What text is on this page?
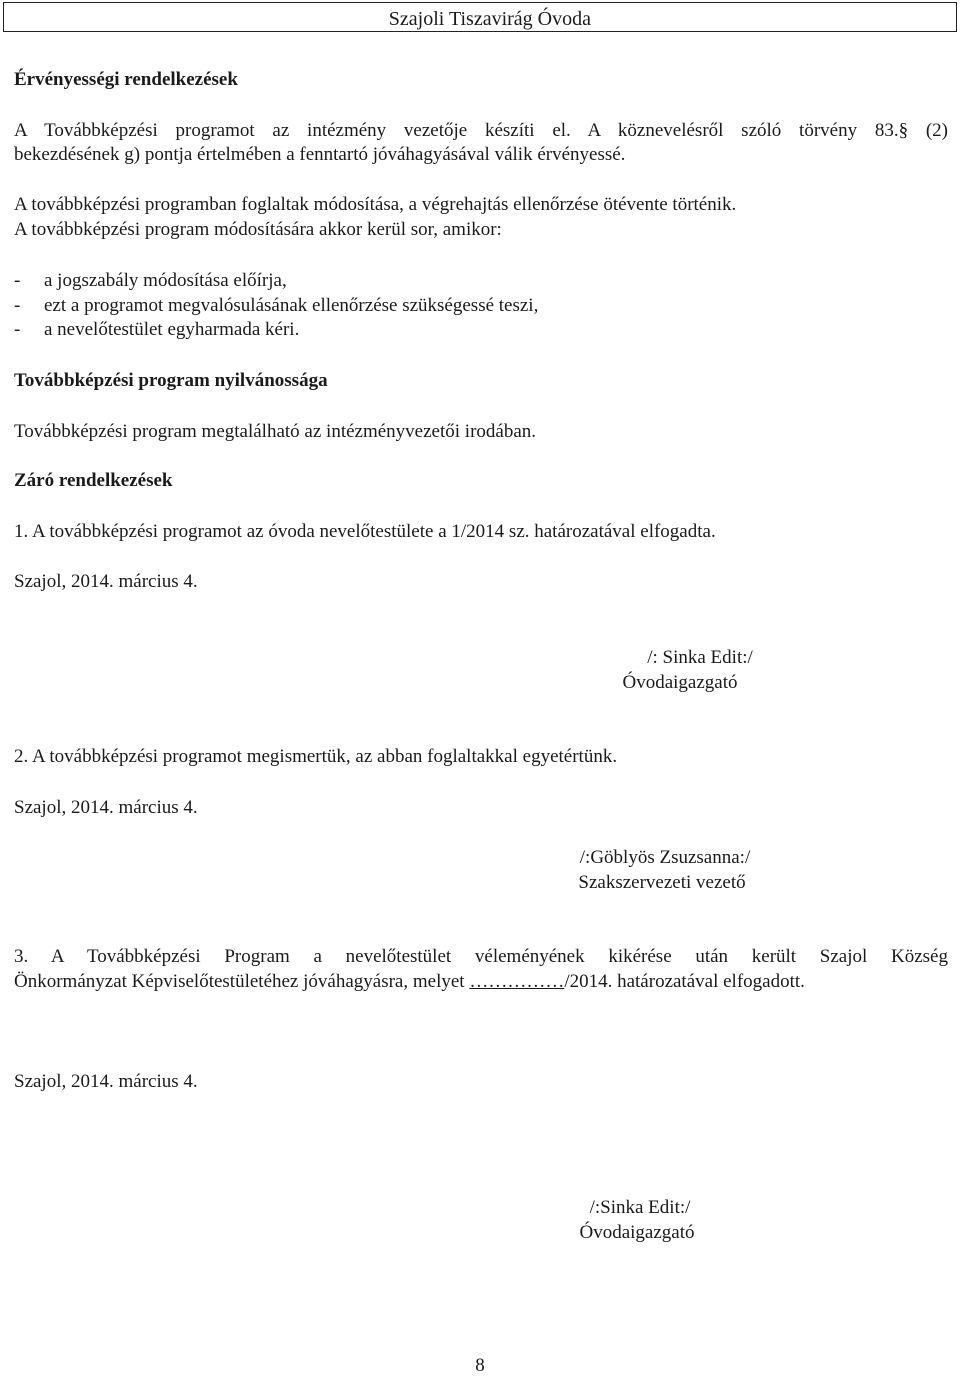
Szajoli Tiszavirág Óvoda
Érvényességi rendelkezések
A Továbbképzési programot az intézmény vezetője készíti el. A köznevelésről szóló törvény 83.§ (2)
bekezdésének g) pontja értelmében a fenntartó jóváhagyásával válik érvényessé.
A továbbképzési programban foglaltak módosítása, a végrehajtás ellenőrzése ötévente történik.
A továbbképzési program módosítására akkor kerül sor, amikor:
- a jogszabály módosítása előírja,
- ezt a programot megvalósulásának ellenőrzése szükségessé teszi,
- a nevelőtestület egyharmada kéri.
Továbbképzési program nyilvánossága
Továbbképzési program megtalálható az intézményvezetői irodában.
Záró rendelkezések
1. A továbbképzési programot az óvoda nevelőtestülete a 1/2014 sz. határozatával elfogadta.
Szajol, 2014. március 4.
/: Sinka Edit:/
Óvodaigazgató
2. A továbbképzési programot megismertük, az abban foglaltakkal egyetértünk.
Szajol, 2014. március 4.
/:Göblyös Zsuzsanna:/
Szakszervezeti vezető
3. A Továbbképzési Program a nevelőtestület véleményének kikérése után került Szajol Község
Önkormányzat Képviselőtestületéhez jóváhagyásra, melyet ……………/2014. határozatával elfogadott.
Szajol, 2014. március 4.
/:Sinka Edit:/
Óvodaigazgató
8
